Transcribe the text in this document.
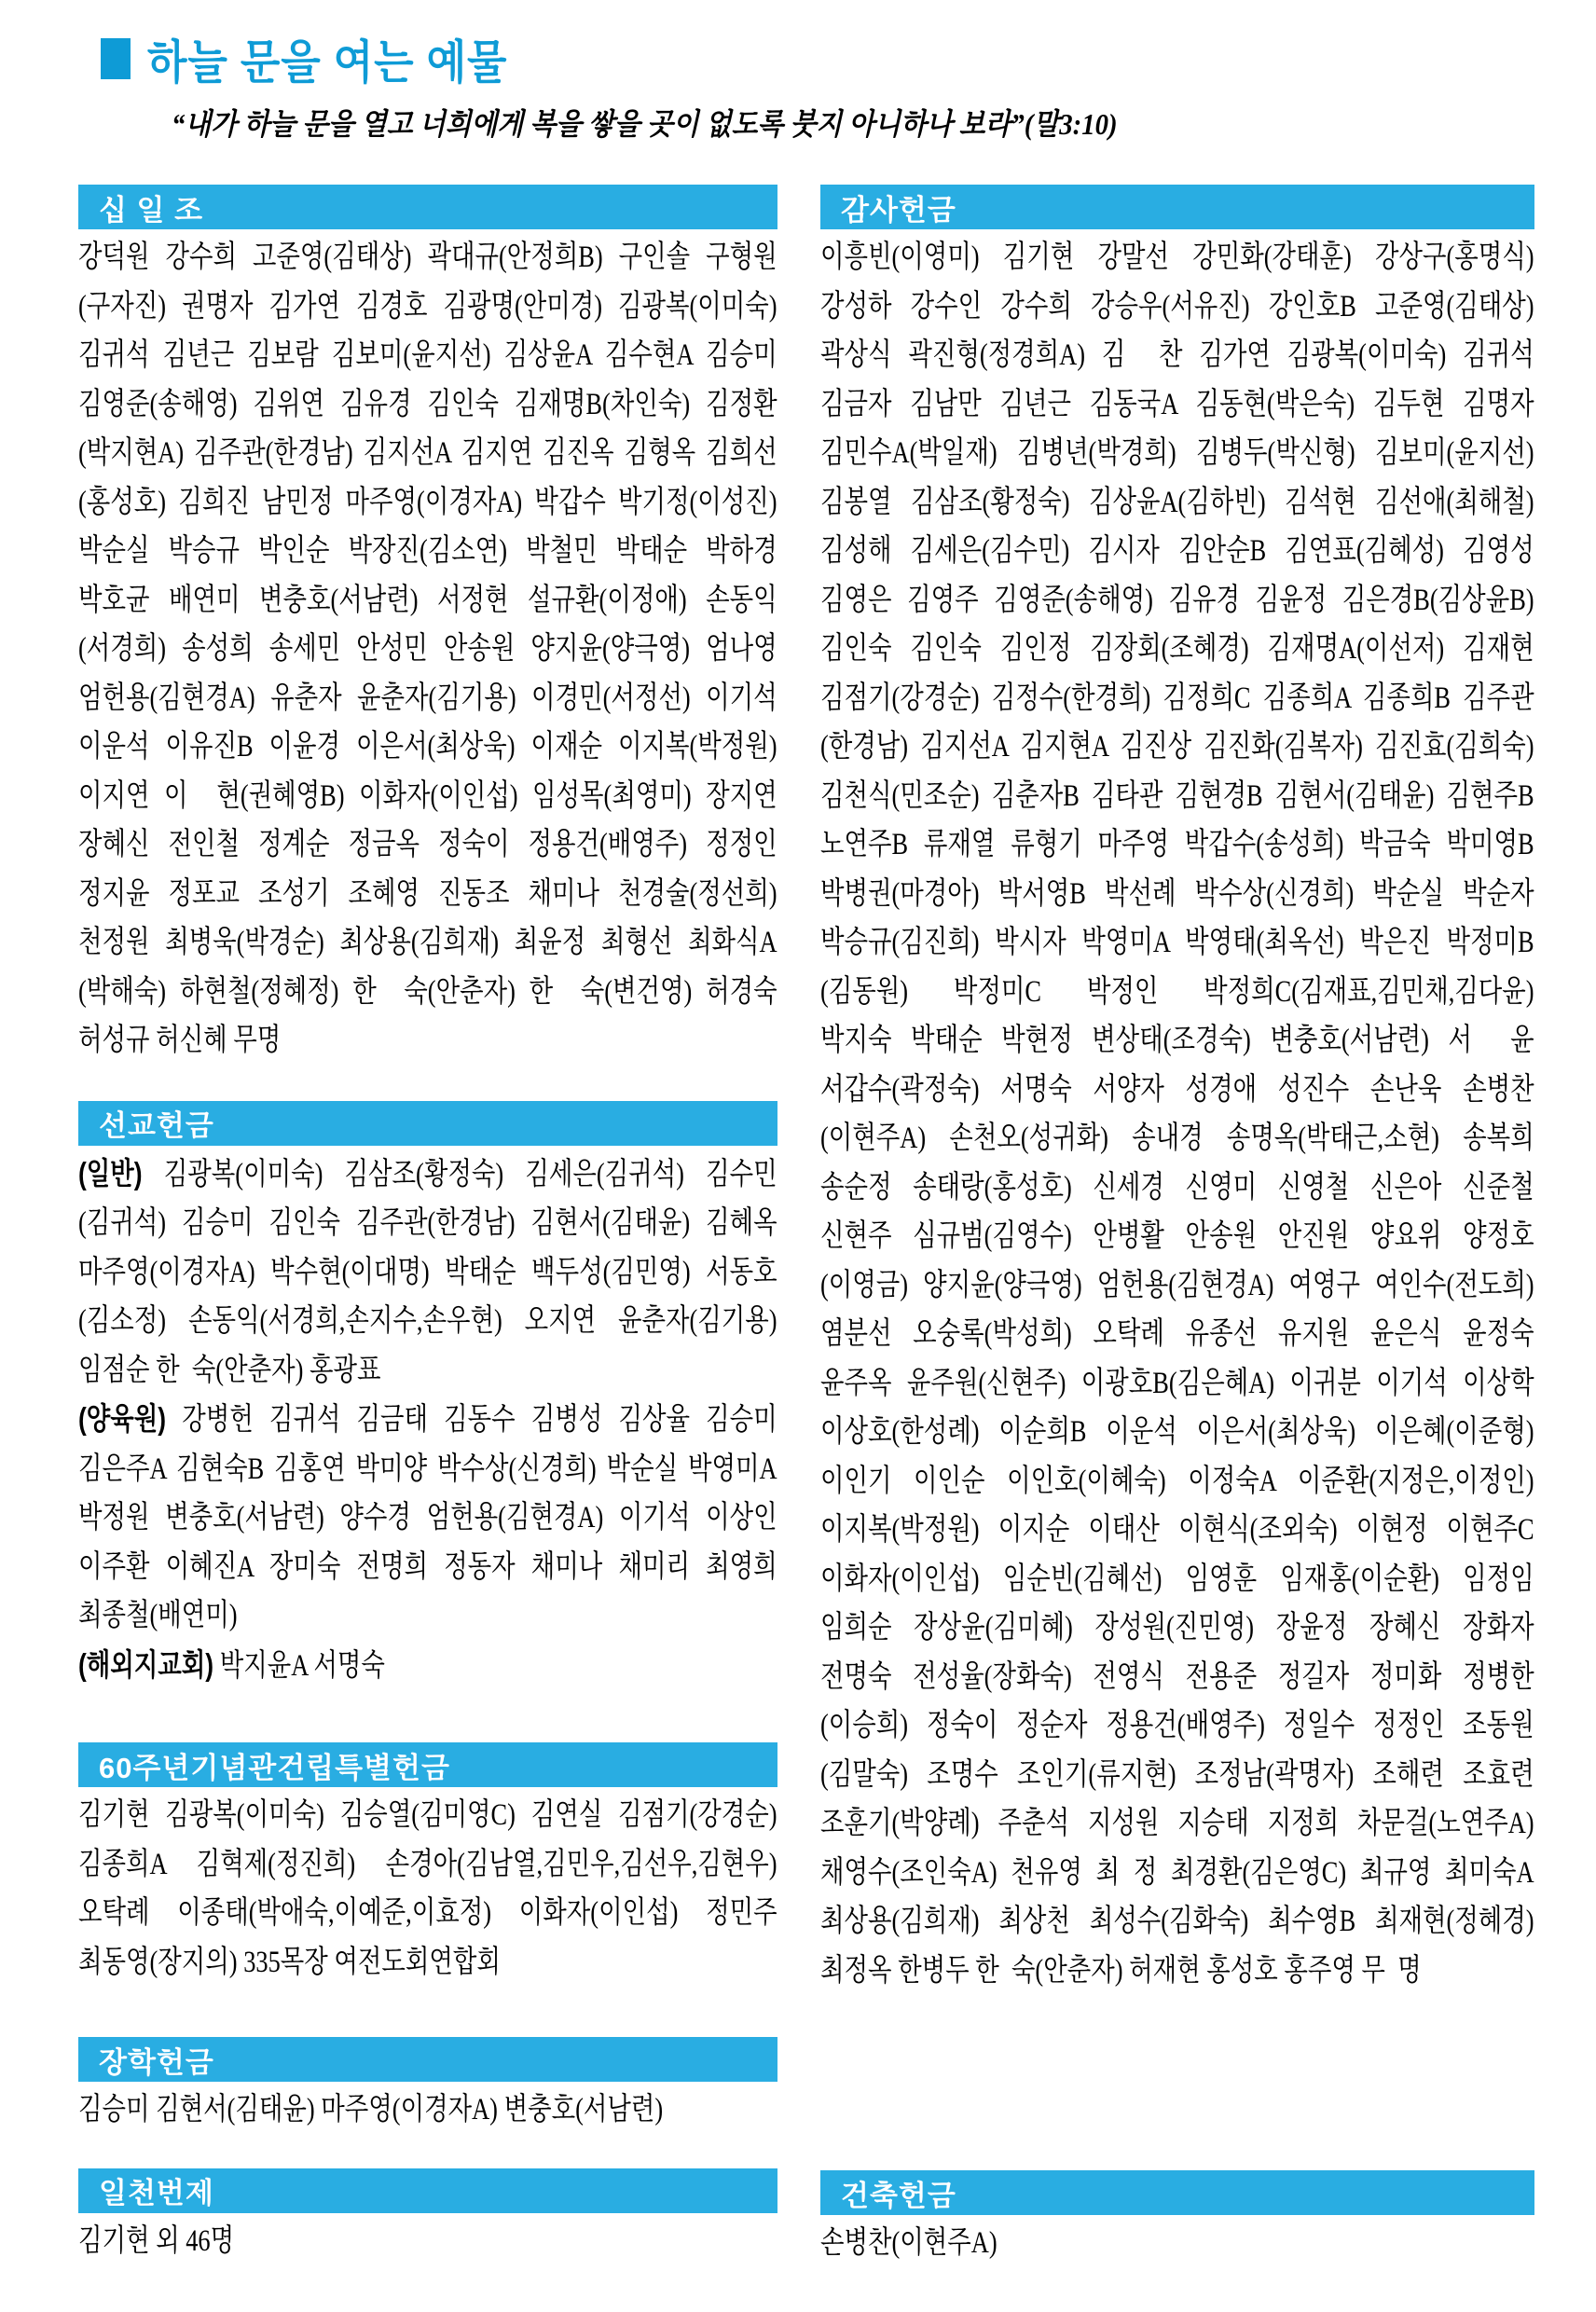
하늘 문을 여는 예물
“내가 하늘 문을 열고 너희에게 복을 쌓을 곳이 없도록 붓지 아니하나 보라”(말3:10)
십 일 조
강덕원 강수희 고준영(김태상) 곽대규(안정희B) 구인솔 구형원
(구자진) 권명자 김가연 김경호 김광명(안미경) 김광복(이미숙)
김귀석 김년근 김보람 김보미(윤지선) 김상윤A 김수현A 김승미
김영준(송해영) 김위연 김유경 김인숙 김재명B(차인숙) 김정환
(박지현A) 김주관(한경남) 김지선A 김지연 김진옥 김형옥 김희선
(홍성호) 김희진 남민정 마주영(이경자A) 박갑수 박기정(이성진)
박순실 박승규 박인순 박장진(김소연) 박철민 박태순 박하경
박호균 배연미 변충호(서남련) 서정현 설규환(이정애) 손동익
(서경희) 송성희 송세민 안성민 안송원 양지윤(양극영) 엄나영
엄헌용(김현경A) 유춘자 윤춘자(김기용) 이경민(서정선) 이기석
이운석 이유진B 이윤경 이은서(최상욱) 이재순 이지복(박정원)
이지연 이  현(권혜영B) 이화자(이인섭) 임성목(최영미) 장지연
장혜신 전인철 정계순 정금옥 정숙이 정용건(배영주) 정정인
정지윤 정포교 조성기 조혜영 진동조 채미나 천경술(정선희)
천정원 최병욱(박경순) 최상용(김희재) 최윤정 최형선 최화식A
(박해숙) 하현철(정혜정) 한  숙(안춘자) 한  숙(변건영) 허경숙
허성규 허신혜 무명
선교헌금
(일반) 김광복(이미숙) 김삼조(황정숙) 김세은(김귀석) 김수민
(김귀석) 김승미 김인숙 김주관(한경남) 김현서(김태윤) 김혜옥
마주영(이경자A) 박수현(이대명) 박태순 백두성(김민영) 서동호
(김소정) 손동익(서경희,손지수,손우현) 오지연 윤춘자(김기용)
임점순 한  숙(안춘자) 홍광표
(양육원) 강병헌 김귀석 김금태 김동수 김병성 김상율 김승미
김은주A 김현숙B 김홍연 박미양 박수상(신경희) 박순실 박영미A
박정원 변충호(서남련) 양수경 엄헌용(김현경A) 이기석 이상인
이주환 이혜진A 장미숙 전명희 정동자 채미나 채미리 최영희
최종철(배연미)
(해외지교회) 박지윤A 서명숙
60주년기념관건립특별헌금
김기현 김광복(이미숙) 김승열(김미영C) 김연실 김점기(강경순)
김종희A 김혁제(정진희) 손경아(김남열,김민우,김선우,김현우)
오탁례 이종태(박애숙,이예준,이효정) 이화자(이인섭) 정민주
최동영(장지의) 335목장 여전도회연합회
장학헌금
김승미 김현서(김태윤) 마주영(이경자A) 변충호(서남련)
일천번제
김기현 외 46명
감사헌금
이흥빈(이영미) 김기현 강말선 강민화(강태훈) 강상구(홍명식)
강성하 강수인 강수희 강승우(서유진) 강인호B 고준영(김태상)
곽상식 곽진형(정경희A) 김  찬 김가연 김광복(이미숙) 김귀석
김금자 김남만 김년근 김동국A 김동현(박은숙) 김두현 김명자
김민수A(박일재) 김병년(박경희) 김병두(박신형) 김보미(윤지선)
김봉열 김삼조(황정숙) 김상윤A(김하빈) 김석현 김선애(최해철)
김성해 김세은(김수민) 김시자 김안순B 김연표(김혜성) 김영성
김영은 김영주 김영준(송해영) 김유경 김윤정 김은경B(김상윤B)
김인숙 김인숙 김인정 김장회(조혜경) 김재명A(이선저) 김재현
김점기(강경순) 김정수(한경희) 김정희C 김종희A 김종희B 김주관
(한경남) 김지선A 김지현A 김진상 김진화(김복자) 김진효(김희숙)
김천식(민조순) 김춘자B 김타관 김현경B 김현서(김태윤) 김현주B
노연주B 류재열 류형기 마주영 박갑수(송성희) 박금숙 박미영B
박병권(마경아) 박서영B 박선례 박수상(신경희) 박순실 박순자
박승규(김진희) 박시자 박영미A 박영태(최옥선) 박은진 박정미B
(김동원) 박정미C 박정인 박정희C(김재표,김민채,김다윤)
박지숙 박태순 박현정 변상태(조경숙) 변충호(서남련) 서  윤
서갑수(곽정숙) 서명숙 서양자 성경애 성진수 손난욱 손병찬
(이현주A) 손천오(성귀화) 송내경 송명옥(박태근,소현) 송복희
송순정 송태랑(홍성호) 신세경 신영미 신영철 신은아 신준철
신현주 심규범(김영수) 안병활 안송원 안진원 양요위 양정호
(이영금) 양지윤(양극영) 엄헌용(김현경A) 여영구 여인수(전도희)
염분선 오숭록(박성희) 오탁례 유종선 유지원 윤은식 윤정숙
윤주옥 윤주원(신현주) 이광호B(김은혜A) 이귀분 이기석 이상학
이상호(한성례) 이순희B 이운석 이은서(최상욱) 이은혜(이준형)
이인기 이인순 이인호(이혜숙) 이정숙A 이준환(지정은,이정인)
이지복(박정원) 이지순 이태산 이현식(조외숙) 이현정 이현주C
이화자(이인섭) 임순빈(김혜선) 임영훈 임재홍(이순환) 임정임
임희순 장상윤(김미혜) 장성원(진민영) 장윤정 장혜신 장화자
전명숙 전성율(장화숙) 전영식 전용준 정길자 정미화 정병한
(이승희) 정숙이 정순자 정용건(배영주) 정일수 정정인 조동원
(김말숙) 조명수 조인기(류지현) 조정남(곽명자) 조해련 조효련
조훈기(박양례) 주춘석 지성원 지승태 지정희 차문걸(노연주A)
채영수(조인숙A) 천유영 최 정 최경환(김은영C) 최규영 최미숙A
최상용(김희재) 최상천 최성수(김화숙) 최수영B 최재현(정혜경)
최정옥 한병두 한  숙(안춘자) 허재현 홍성호 홍주영 무  명
건축헌금
손병찬(이현주A)
